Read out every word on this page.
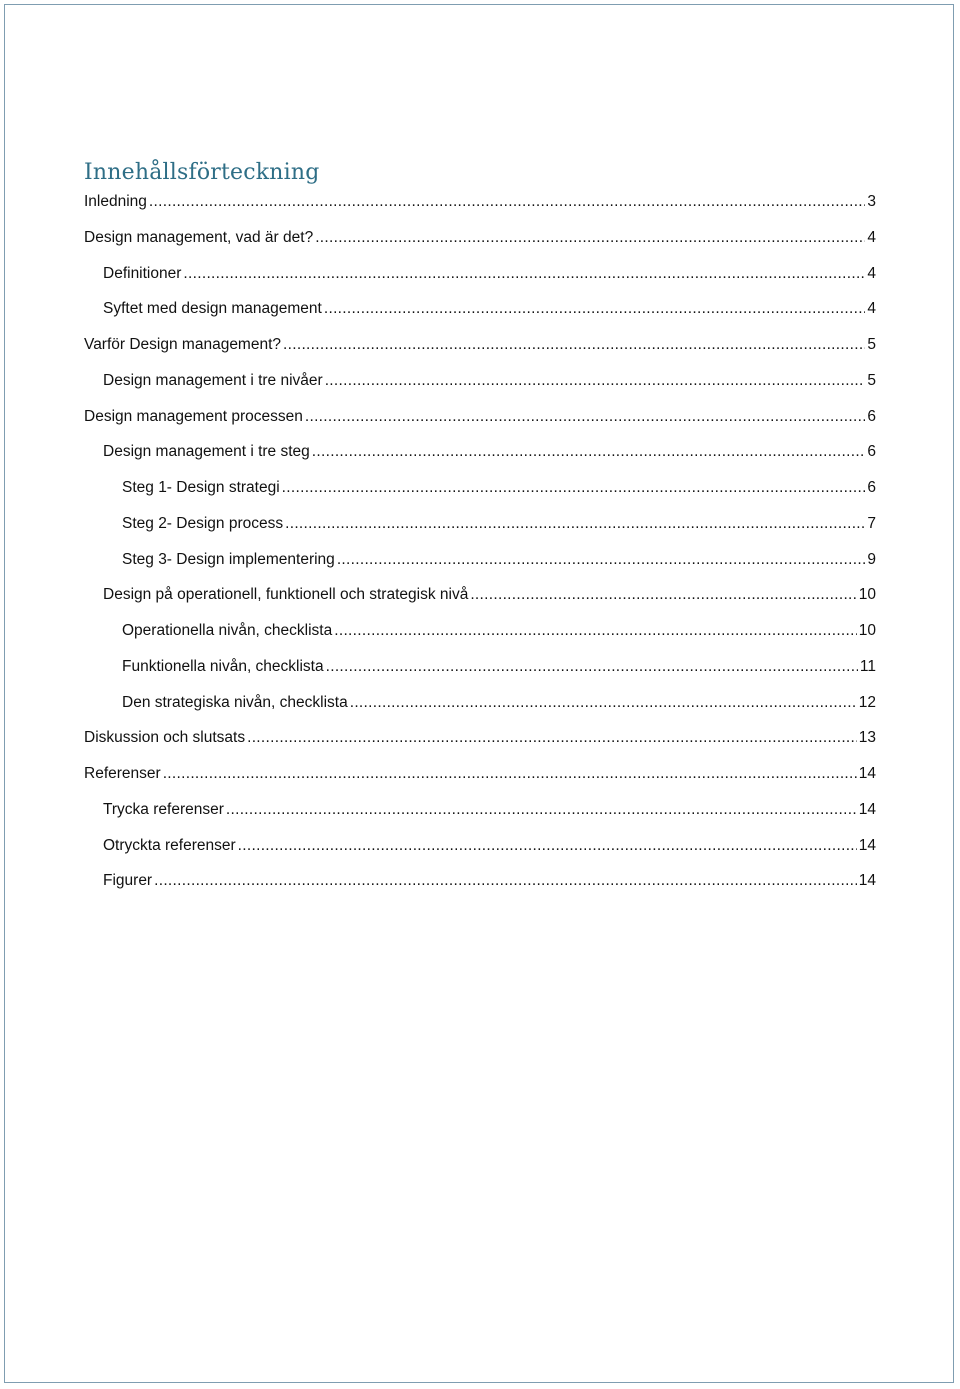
Innehållsförteckning
Inledning .....	3
Design management, vad är det? .....	4
Definitioner .....	4
Syftet med design management .....	4
Varför Design management? .....	5
Design management i tre nivåer .....	5
Design management processen .....	6
Design management i tre steg .....	6
Steg 1- Design strategi .....	6
Steg 2- Design process .....	7
Steg 3- Design implementering .....	9
Design på operationell, funktionell och strategisk nivå .....	10
Operationella nivån, checklista .....	10
Funktionella nivån, checklista .....	11
Den strategiska nivån, checklista .....	12
Diskussion och slutsats .....	13
Referenser .....	14
Trycka referenser .....	14
Otryckta referenser .....	14
Figurer .....	14
